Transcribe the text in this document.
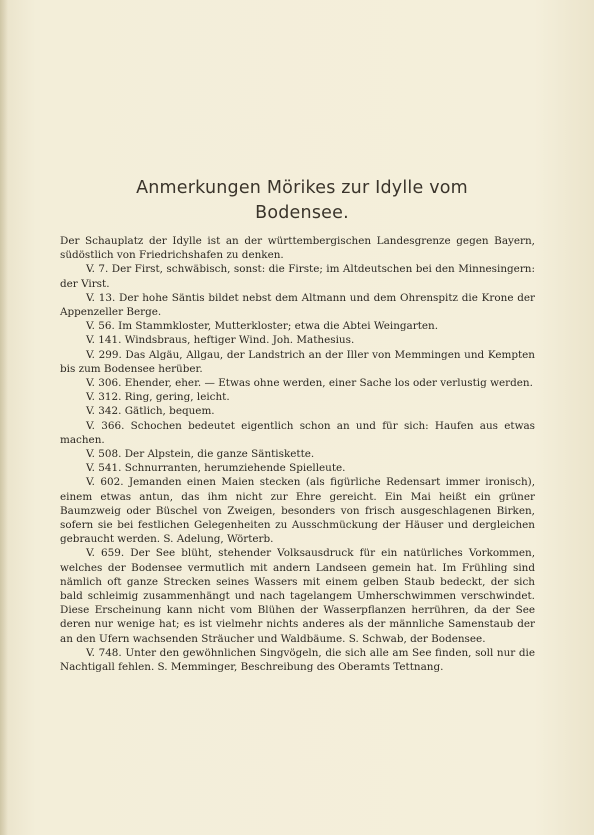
Anmerkungen Mörikes zur Idylle vom
Bodensee.

Der Schauplatz der Idylle ist an der württembergischen Landesgrenze gegen Bayern, südöstlich von Friedrichshafen zu denken.

V. 7. Der First, schwäbisch, sonst: die Firste; im Altdeutschen bei den Minnesingern: der Virst.

V. 13. Der hohe Säntis bildet nebst dem Altmann und dem Ohrenspitz die Krone der Appenzeller Berge.

V. 56. Im Stammkloster, Mutterkloster; etwa die Abtei Weingarten.

V. 141. Windsbraus, heftiger Wind. Joh. Mathesius.

V. 299. Das Algäu, Allgau, der Landstrich an der Iller von Memmingen und Kempten bis zum Bodensee herüber.

V. 306. Ehender, eher. — Etwas ohne werden, einer Sache los oder verlustig werden.

V. 312. Ring, gering, leicht.

V. 342. Gätlich, bequem.

V. 366. Schochen bedeutet eigentlich schon an und für sich: Haufen aus etwas machen.

V. 508. Der Alpstein, die ganze Säntiskette.

V. 541. Schnurranten, herumziehende Spielleute.

V. 602. Jemanden einen Maien stecken (als figürliche Redensart immer ironisch), einem etwas antun, das ihm nicht zur Ehre gereicht. Ein Mai heißt ein grüner Baumzweig oder Büschel von Zweigen, besonders von frisch ausgeschlagenen Birken, sofern sie bei festlichen Gelegenheiten zu Ausschmückung der Häuser und dergleichen gebraucht werden. S. Adelung, Wörterb.

V. 659. Der See blüht, stehender Volksausdruck für ein natürliches Vorkommen, welches der Bodensee vermutlich mit andern Landseen gemein hat. Im Frühling sind nämlich oft ganze Strecken seines Wassers mit einem gelben Staub bedeckt, der sich bald schleimig zusammenhängt und nach tagelangem Umherschwimmen verschwindet. Diese Erscheinung kann nicht vom Blühen der Wasserpflanzen herrühren, da der See deren nur wenige hat; es ist vielmehr nichts anderes als der männliche Samenstaub der an den Ufern wachsenden Sträucher und Waldbäume. S. Schwab, der Bodensee.

V. 748. Unter den gewöhnlichen Singvögeln, die sich alle am See finden, soll nur die Nachtigall fehlen. S. Memminger, Beschreibung des Oberamts Tettnang.
